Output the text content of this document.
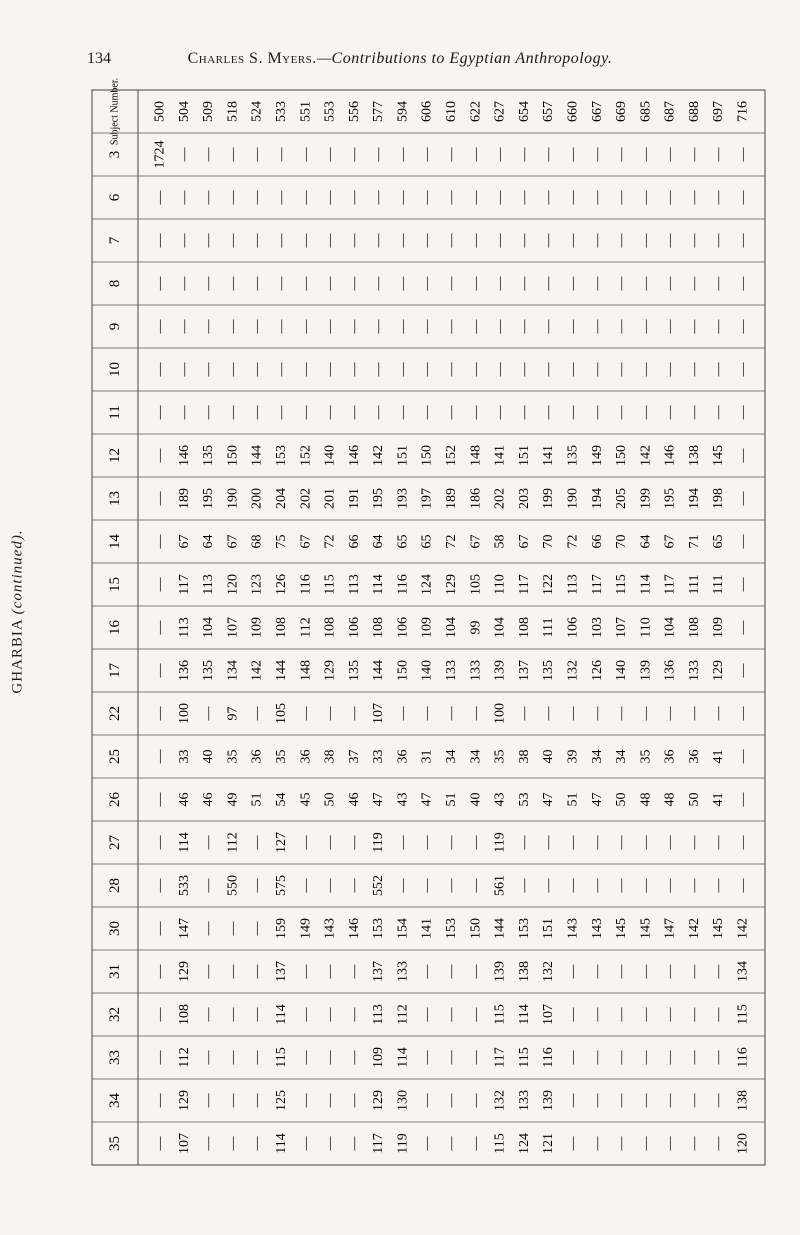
134	Charles S. Myers.—Contributions to Egyptian Anthropology.
GHARBIA (continued).
Subject Number. 500 504 509 518 524 533 551 553 556 577 594 606 610 622 627 654 657 660 667 669 685 687 688 697 716
3 1724 — — — — — — — — — — — — — — — — — — — — — — — —
6 — — — — — — — — — — — — — — — — — — — — — — — — —
7 — — — — — — — — — — — — — — — — — — — — — — — — —
8 — — — — — — — — — — — — — — — — — — — — — — — — —
9 — — — — — — — — — — — — — — — — — — — — — — — — —
10 — — — — — — — — — — — — — — — — — — — — — — — — —
11 — — — — — — — — — — — — — — — — — — — — — — — — —
12 — 146 135 150 144 153 152 140 146 142 151 150 152 148 141 151 141 135 149 150 142 146 138 145 —
13 — 189 195 190 200 204 202 201 191 195 193 197 189 186 202 203 199 190 194 205 199 195 194 198 —
14 — 67 64 67 68 75 67 72 66 64 65 65 72 67 58 67 70 72 66 70 64 67 71 65 —
15 — 117 113 120 123 126 116 115 113 114 116 124 129 105 110 117 122 113 117 115 114 117 111 111 —
16 — 113 104 107 109 108 112 108 106 108 106 109 104 99 104 108 111 106 103 107 110 104 108 109 —
17 — 136 135 134 142 144 148 129 135 144 150 140 133 133 139 137 135 132 126 140 139 136 133 129 —
22 — 100 — 97 — 105 — — — 107 — — — — 100 — — — — — — — — — —
25 — 33 40 35 36 35 36 38 37 33 36 31 34 34 35 38 40 39 34 34 35 36 36 41 —
26 — 46 46 49 51 54 45 50 46 47 43 47 51 40 43 53 47 51 47 50 48 48 50 41 —
27 — 114 — 112 — 127 — — — 119 — — — — 119 — — — — — — — — — —
28 — 533 — 550 — 575 — — — 552 — — — — 561 — — — — — — — — — —
30 — 147 — — — 159 149 143 146 153 154 141 153 150 144 153 151 143 143 145 145 147 142 145 142
31 — 129 — — — 137 — — — 137 133 — — — 139 138 132 — — — — — — — 134
32 — 108 — — — 114 — — — 113 112 — — — 115 114 107 — — — — — — — 115
33 — 112 — — — 115 — — — 109 114 — — — 117 115 116 — — — — — — — 116
34 — 129 — — — 125 — — — 129 130 — — — 132 133 139 — — — — — — — 138
35 — 107 — — — 114 — — — 117 119 — — — 115 124 121 — — — — — — — 120
